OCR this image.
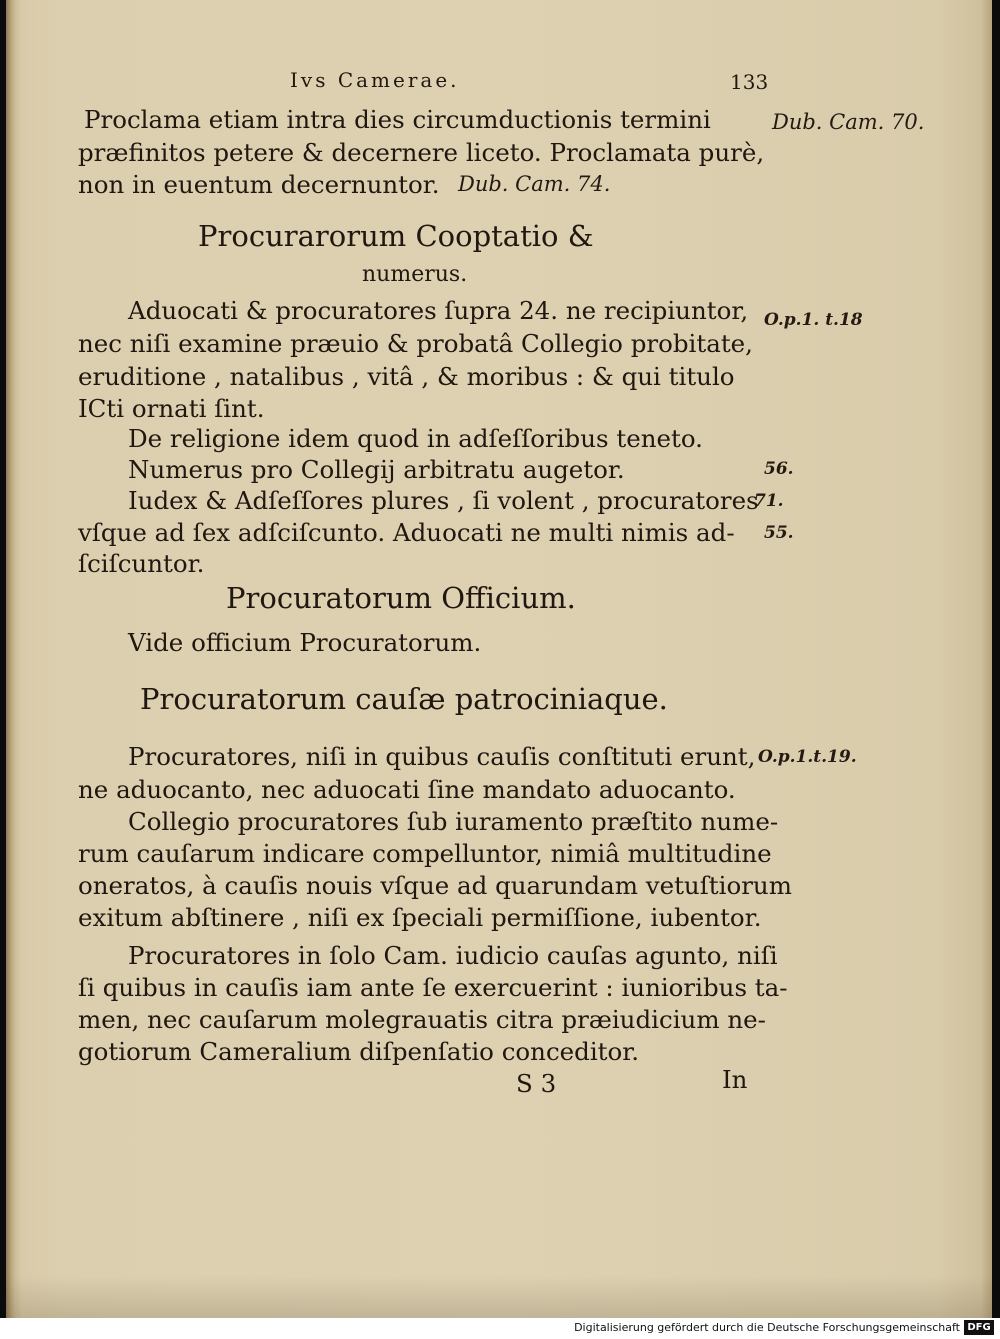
Ivs Camerae.	133

Proclama etiam intra dies circumductionis termini

præfinitos petere & decernere liceto. Proclamata purè,

non in euentum decernuntor.

Procurarorum Cooptatio &

numerus.

Aduocati & procuratores ſupra 24. ne recipiuntor,

nec niſi examine præuio & probatâ Collegio probitate,

eruditione , natalibus , vitâ , & moribus : & qui titulo

ICti ornati ſint.

De religione idem quod in adſeſſoribus teneto.

Numerus pro Collegij arbitratu augetor.

Iudex & Adſeſſores plures , ſi volent , procuratores

vſque ad ſex adſciſcunto. Aduocati ne multi nimis ad-

ſciſcuntor.

Procuratorum Officium.

Vide officium Procuratorum.

Procuratorum cauſæ patrociniaque.

Procuratores, niſi in quibus cauſis conſtituti erunt,

ne aduocanto, nec aduocati ſine mandato aduocanto.

Collegio procuratores ſub iuramento præſtito nume-

rum cauſarum indicare compelluntor, nimiâ multitudine

oneratos, à cauſis nouis vſque ad quarundam vetuſtiorum

exitum abſtinere , niſi ex ſpeciali permiſſione, iubentor.

Procuratores in ſolo Cam. iudicio cauſas agunto, niſi

ſi quibus in cauſis iam ante ſe exercuerint : iunioribus ta-

men, nec cauſarum molegrauatis citra præiudicium ne-

gotiorum Cameralium diſpenſatio conceditor.

S 3	In

Dub. Cam. 70.

Dub. Cam. 74.

O.p.1. t.18

56.

71.

55.

O.p.1.t.19.

Digitalisierung gefördert durch die Deutsche Forschungsgemeinschaft DFG
